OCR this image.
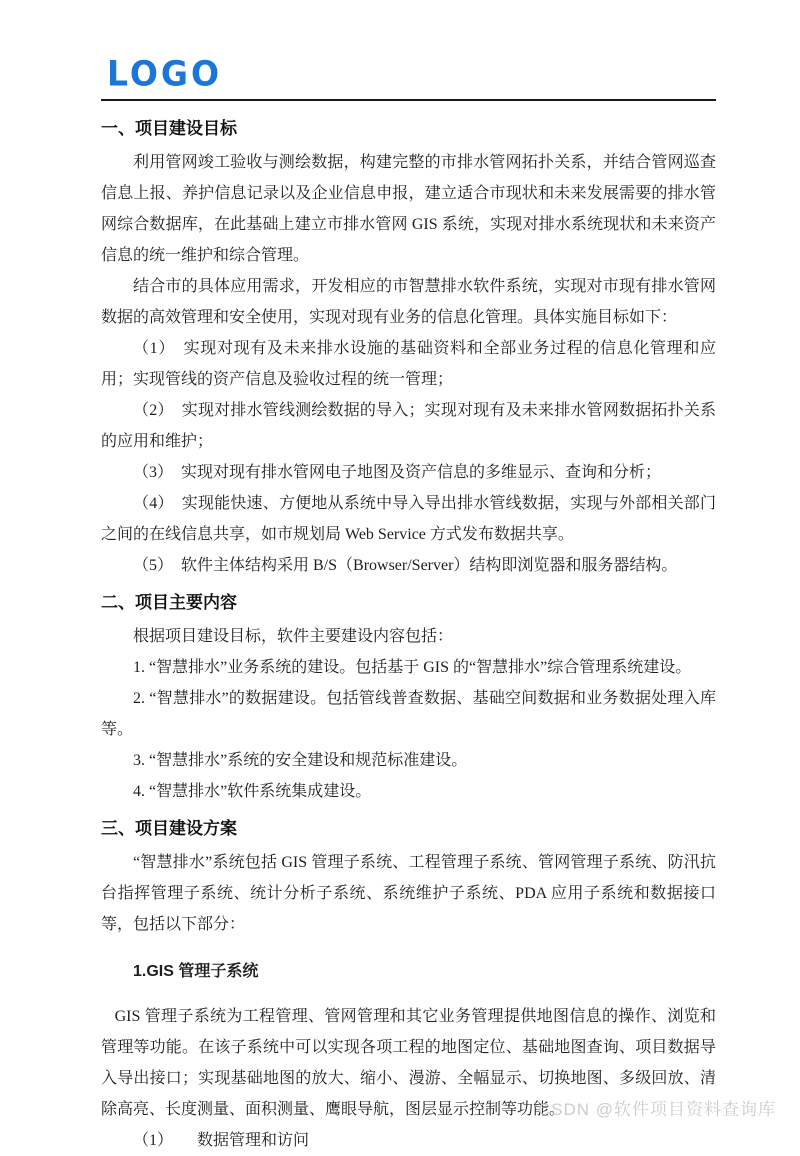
LOGO
一、项目建设目标

利用管网竣工验收与测绘数据，构建完整的市排水管网拓扑关系，并结合管网巡查信息上报、养护信息记录以及企业信息申报，建立适合市现状和未来发展需要的排水管网综合数据库，在此基础上建立市排水管网 GIS 系统，实现对排水系统现状和未来资产信息的统一维护和综合管理。

结合市的具体应用需求，开发相应的市智慧排水软件系统，实现对市现有排水管网数据的高效管理和安全使用，实现对现有业务的信息化管理。具体实施目标如下：

（1）　实现对现有及未来排水设施的基础资料和全部业务过程的信息化管理和应用；实现管线的资产信息及验收过程的统一管理；

（2）　实现对排水管线测绘数据的导入；实现对现有及未来排水管网数据拓扑关系的应用和维护；

（3）　实现对现有排水管网电子地图及资产信息的多维显示、查询和分析；

（4）　实现能快速、方便地从系统中导入导出排水管线数据，实现与外部相关部门之间的在线信息共享，如市规划局 Web Service 方式发布数据共享。

（5）　软件主体结构采用 B/S（Browser/Server）结构即浏览器和服务器结构。

二、项目主要内容

根据项目建设目标，软件主要建设内容包括：

1. “智慧排水”业务系统的建设。包括基于 GIS 的“智慧排水”综合管理系统建设。

2. “智慧排水”的数据建设。包括管线普查数据、基础空间数据和业务数据处理入库等。

3. “智慧排水”系统的安全建设和规范标准建设。

4. “智慧排水”软件系统集成建设。

三、项目建设方案

“智慧排水”系统包括 GIS 管理子系统、工程管理子系统、管网管理子系统、防汛抗台指挥管理子系统、统计分析子系统、系统维护子系统、PDA 应用子系统和数据接口等，包括以下部分：

1.GIS 管理子系统

GIS 管理子系统为工程管理、管网管理和其它业务管理提供地图信息的操作、浏览和管理等功能。在该子系统中可以实现各项工程的地图定位、基础地图查询、项目数据导入导出接口；实现基础地图的放大、缩小、漫游、全幅显示、切换地图、多级回放、清除高亮、长度测量、面积测量、鹰眼导航，图层显示控制等功能。

（1）　　数据管理和访问

CSDN @软件项目资料查询库
